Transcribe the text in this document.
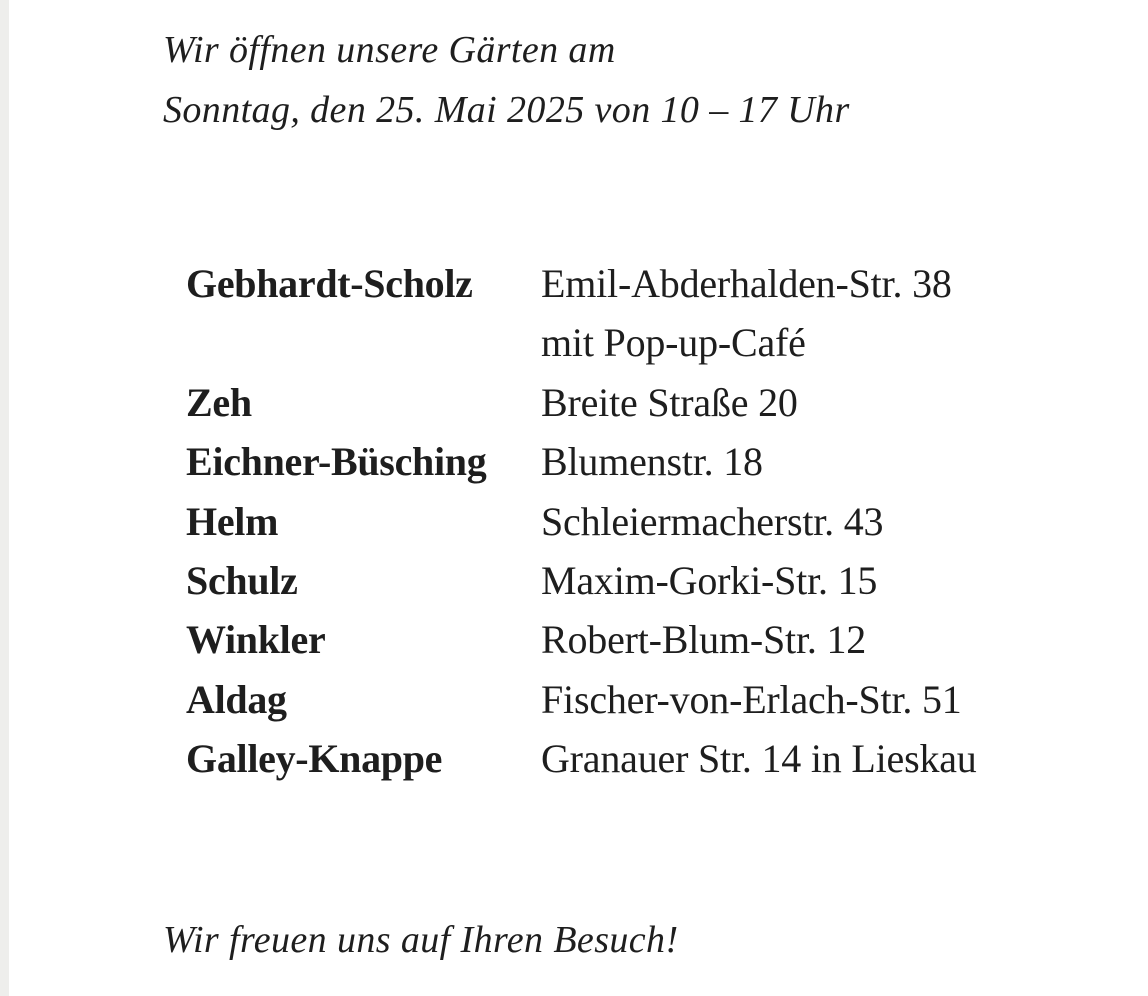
Wir öffnen unsere Gärten am
Sonntag, den 25. Mai 2025 von 10 – 17 Uhr
Gebhardt-Scholz	Emil-Abderhalden-Str. 38
mit Pop-up-Café
Zeh	Breite Straße 20
Eichner-Büsching	Blumenstr. 18
Helm	Schleiermacherstr. 43
Schulz	Maxim-Gorki-Str. 15
Winkler	Robert-Blum-Str. 12
Aldag	Fischer-von-Erlach-Str. 51
Galley-Knappe	Granauer Str. 14 in Lieskau
Wir freuen uns auf Ihren Besuch!
